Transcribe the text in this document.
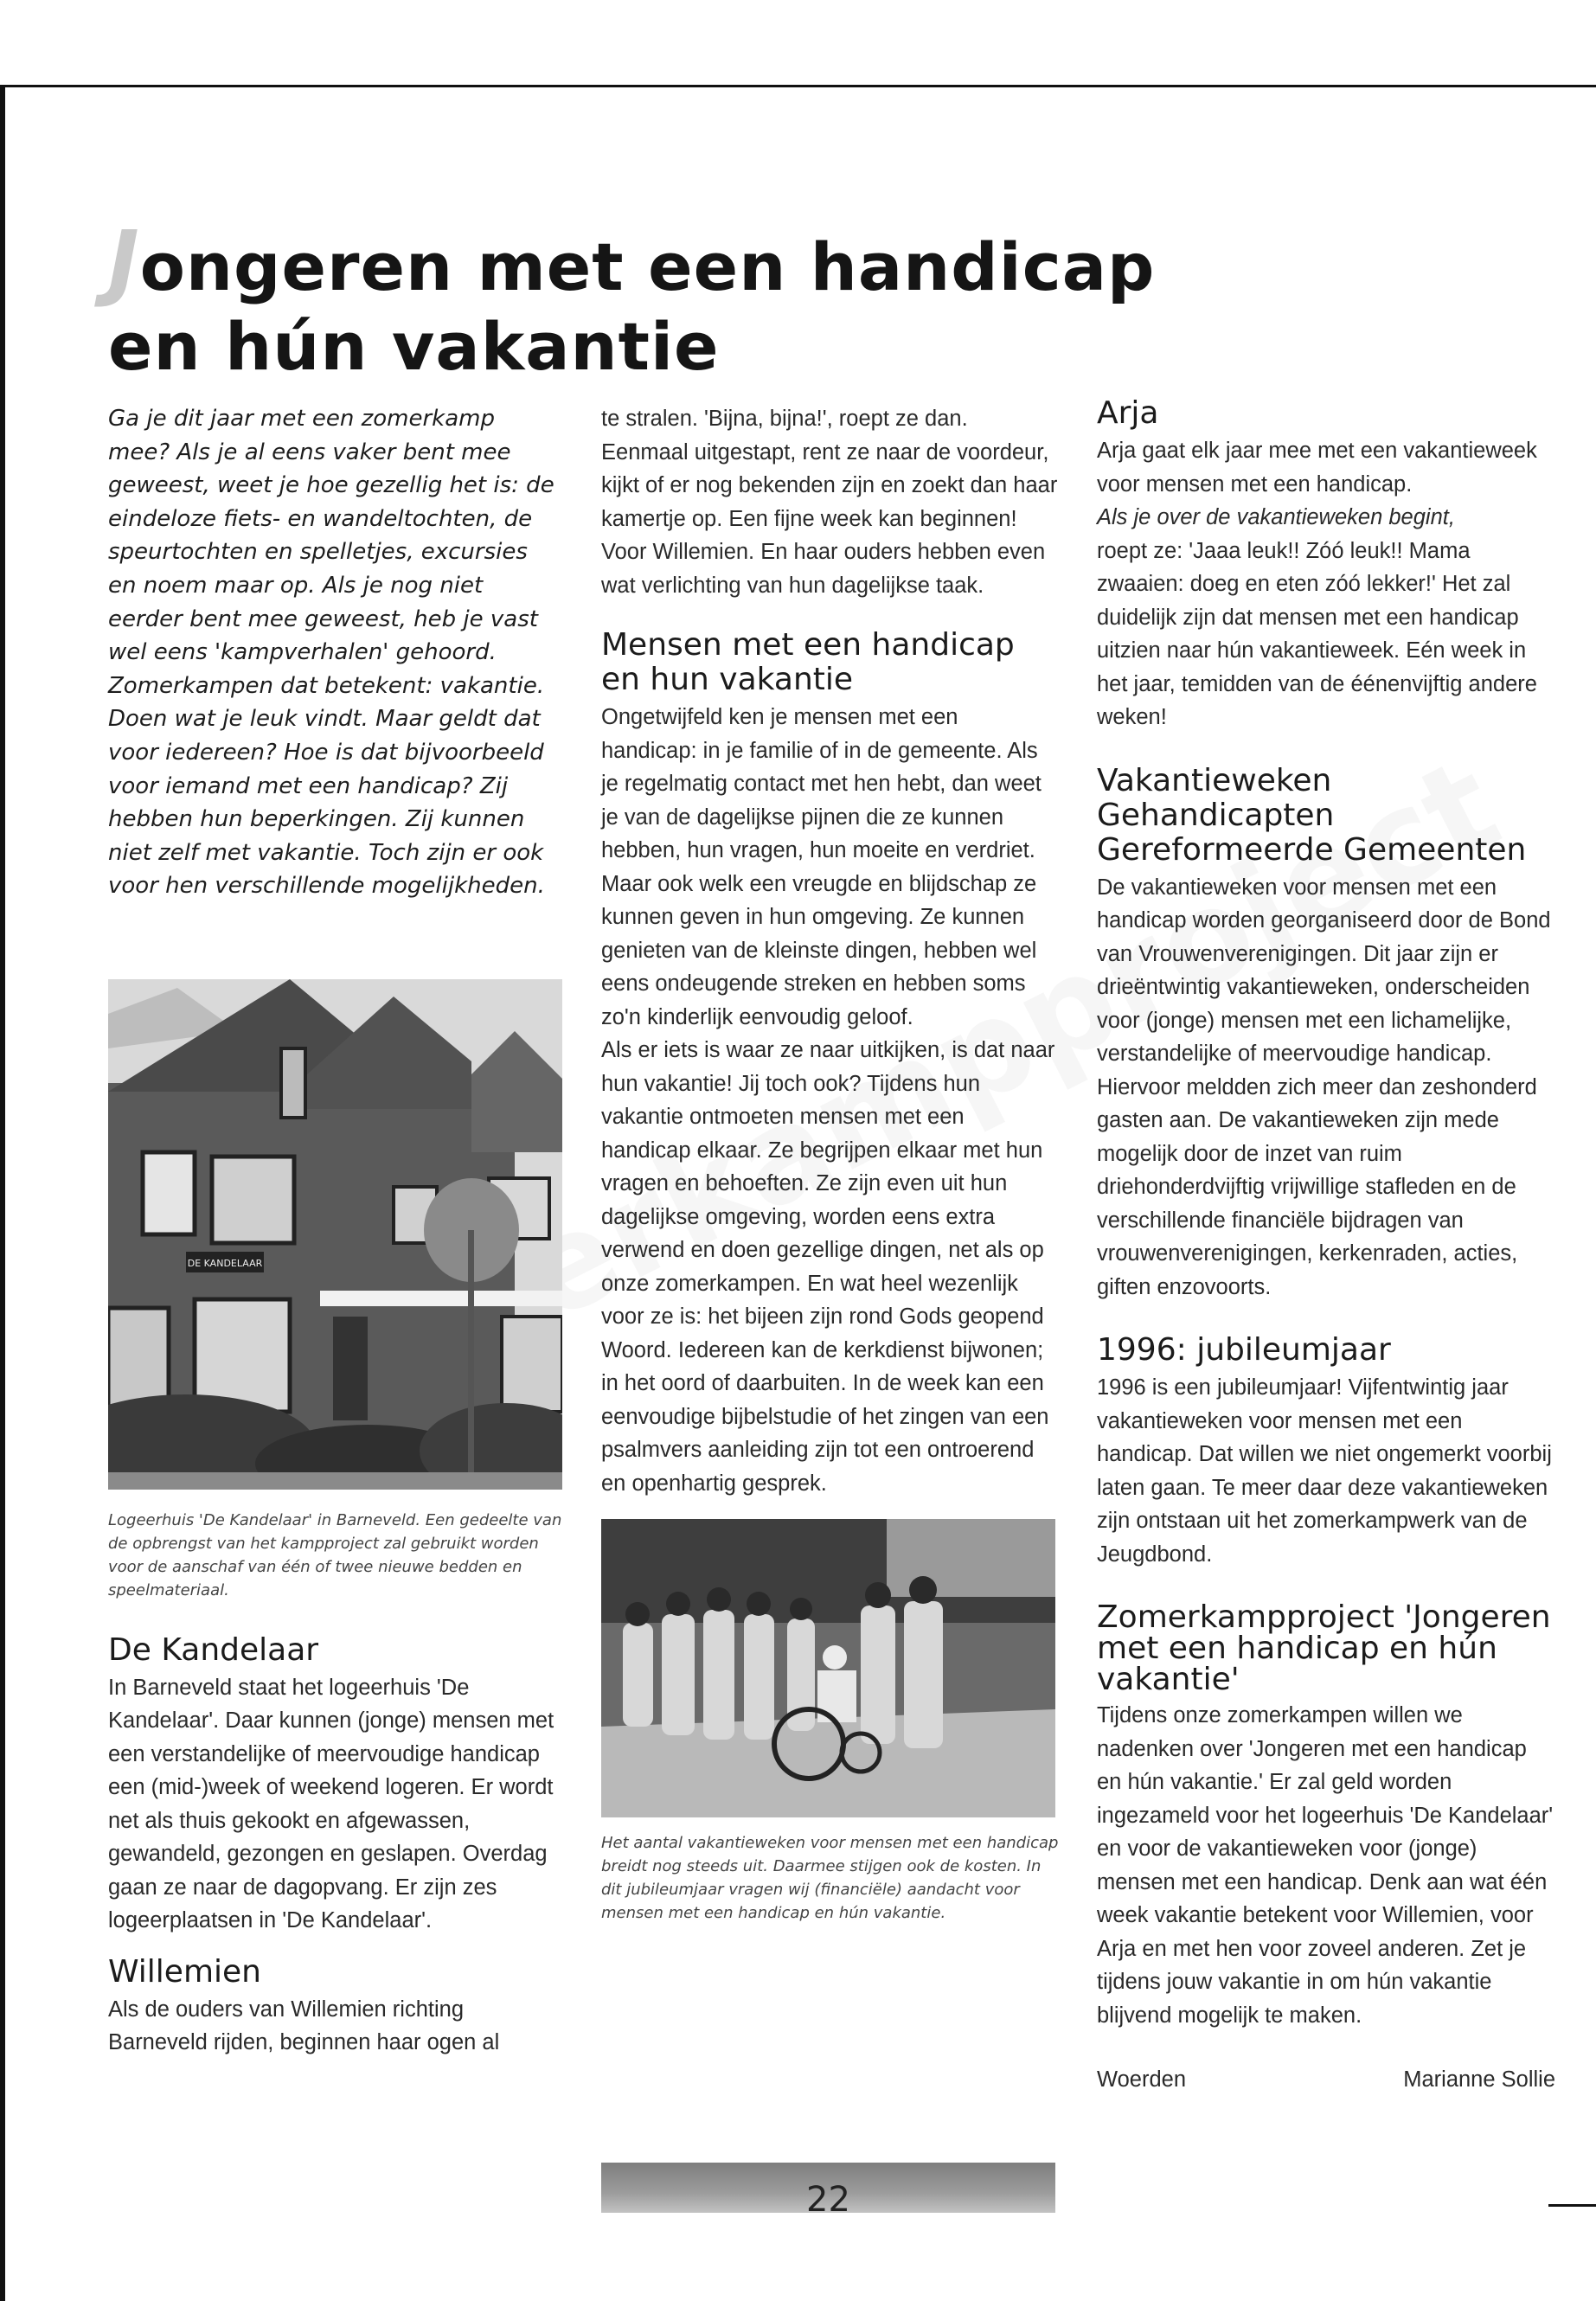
Jongeren met een handicap
en hún vakantie

Ga je dit jaar met een zomerkamp mee? Als je al eens vaker bent mee geweest, weet je hoe gezellig het is: de eindeloze fiets- en wandeltochten, de speurtochten en spelletjes, excursies en noem maar op. Als je nog niet eerder bent mee geweest, heb je vast wel eens 'kampverhalen' gehoord. Zomerkampen dat betekent: vakantie. Doen wat je leuk vindt. Maar geldt dat voor iedereen? Hoe is dat bijvoorbeeld voor iemand met een handicap? Zij hebben hun beperkingen. Zij kunnen niet zelf met vakantie. Toch zijn er ook voor hen verschillende mogelijkheden.

DE KANDELAAR

Logeerhuis 'De Kandelaar' in Barneveld. Een gedeelte van de opbrengst van het kampproject zal gebruikt worden voor de aanschaf van één of twee nieuwe bedden en speelmateriaal.

De Kandelaar

In Barneveld staat het logeerhuis 'De Kandelaar'. Daar kunnen (jonge) mensen met een verstandelijke of meervoudige handicap een (mid-)week of weekend logeren. Er wordt net als thuis gekookt en afgewassen, gewandeld, gezongen en geslapen. Overdag gaan ze naar de dagopvang. Er zijn zes logeerplaatsen in 'De Kandelaar'.

Willemien

Als de ouders van Willemien richting Barneveld rijden, beginnen haar ogen al

te stralen. 'Bijna, bijna!', roept ze dan. Eenmaal uitgestapt, rent ze naar de voordeur, kijkt of er nog bekenden zijn en zoekt dan haar kamertje op. Een fijne week kan beginnen! Voor Willemien. En haar ouders hebben even wat verlichting van hun dagelijkse taak.

Mensen met een handicap en hun vakantie

Ongetwijfeld ken je mensen met een handicap: in je familie of in de gemeente. Als je regelmatig contact met hen hebt, dan weet je van de dagelijkse pijnen die ze kunnen hebben, hun vragen, hun moeite en verdriet. Maar ook welk een vreugde en blijdschap ze kunnen geven in hun omgeving. Ze kunnen genieten van de kleinste dingen, hebben wel eens ondeugende streken en hebben soms zo'n kinderlijk eenvoudig geloof.

Als er iets is waar ze naar uitkijken, is dat naar hun vakantie! Jij toch ook? Tijdens hun vakantie ontmoeten mensen met een handicap elkaar. Ze begrijpen elkaar met hun vragen en behoeften. Ze zijn even uit hun dagelijkse omgeving, worden eens extra verwend en doen gezellige dingen, net als op onze zomerkampen. En wat heel wezenlijk voor ze is: het bijeen zijn rond Gods geopend Woord. Iedereen kan de kerkdienst bijwonen; in het oord of daarbuiten. In de week kan een eenvoudige bijbelstudie of het zingen van een psalmvers aanleiding zijn tot een ontroerend en openhartig gesprek.

Het aantal vakantieweken voor mensen met een handicap breidt nog steeds uit. Daarmee stijgen ook de kosten. In dit jubileumjaar vragen wij (financiële) aandacht voor mensen met een handicap en hún vakantie.

Arja

Arja gaat elk jaar mee met een vakantieweek voor mensen met een handicap.

Als je over de vakantieweken begint,

roept ze: 'Jaaa leuk!! Zóó leuk!! Mama zwaaien: doeg en eten zóó lekker!' Het zal duidelijk zijn dat mensen met een handicap uitzien naar hún vakantieweek. Eén week in het jaar, temidden van de éénenvijftig andere weken!

Vakantieweken Gehandicapten Gereformeerde Gemeenten

De vakantieweken voor mensen met een handicap worden georganiseerd door de Bond van Vrouwenverenigingen. Dit jaar zijn er drieëntwintig vakantieweken, onderscheiden voor (jonge) mensen met een lichamelijke, verstandelijke of meervoudige handicap. Hiervoor meldden zich meer dan zeshonderd gasten aan. De vakantieweken zijn mede mogelijk door de inzet van ruim driehonderdvijftig vrijwillige stafleden en de verschillende financiële bijdragen van vrouwenverenigingen, kerkenraden, acties, giften enzovoorts.

1996: jubileumjaar

1996 is een jubileumjaar! Vijfentwintig jaar vakantieweken voor mensen met een handicap. Dat willen we niet ongemerkt voorbij laten gaan. Te meer daar deze vakantieweken zijn ontstaan uit het zomerkampwerk van de Jeugdbond.

Zomerkampproject 'Jongeren met een handicap en hún vakantie'

Tijdens onze zomerkampen willen we nadenken over 'Jongeren met een handicap en hún vakantie.' Er zal geld worden ingezameld voor het logeerhuis 'De Kandelaar' en voor de vakantieweken voor (jonge) mensen met een handicap. Denk aan wat één week vakantie betekent voor Willemien, voor Arja en met hen voor zoveel anderen. Zet je tijdens jouw vakantie in om hún vakantie blijvend mogelijk te maken.

Woerden	Marianne Sollie
22
